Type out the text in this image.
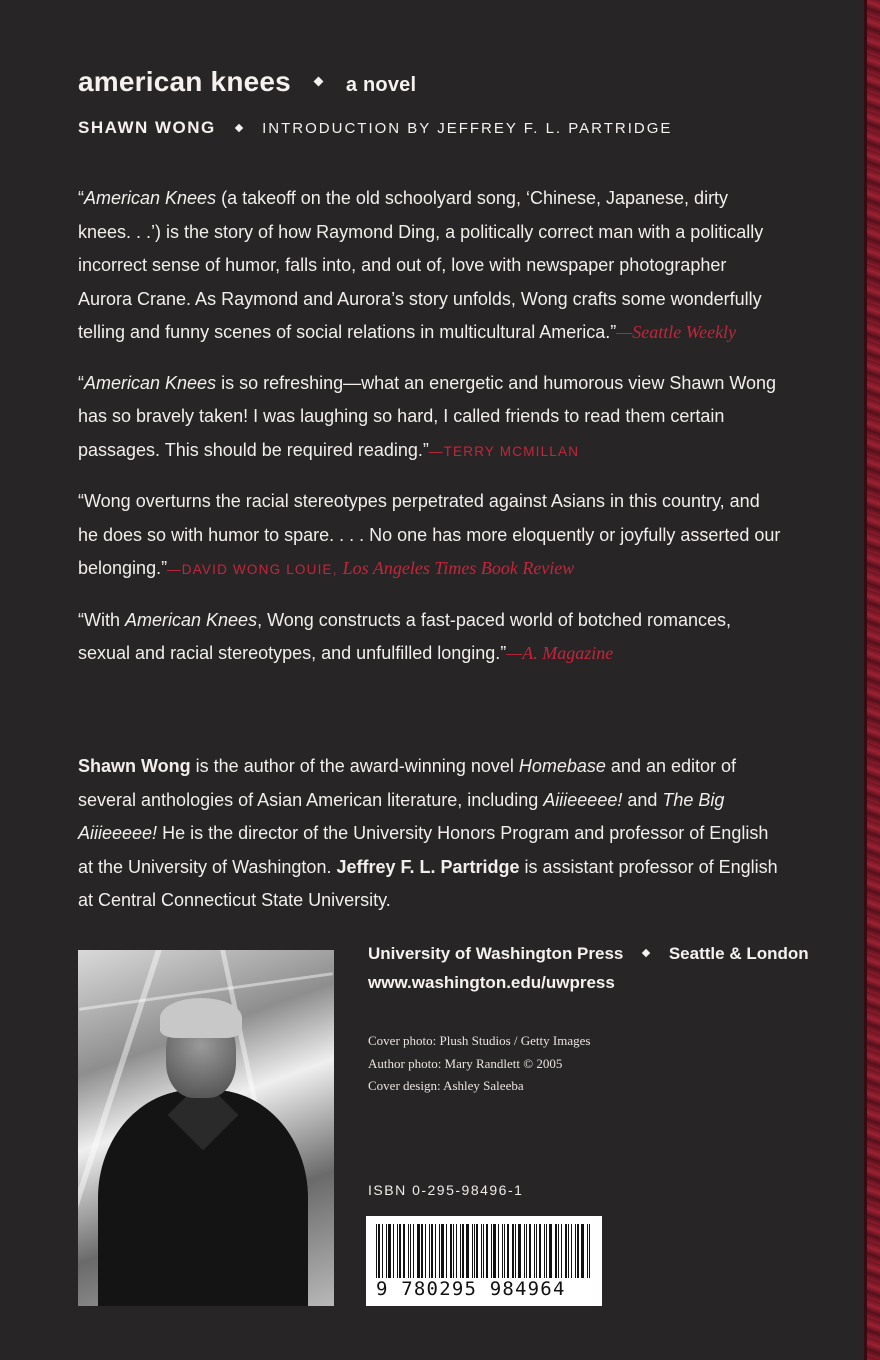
american knees	a novel
SHAWN WONG	INTRODUCTION BY JEFFREY F. L. PARTRIDGE

“American Knees (a takeoff on the old schoolyard song, ‘Chinese, Japanese, dirty knees. . .’) is the story of how Raymond Ding, a politically correct man with a politically incorrect sense of humor, falls into, and out of, love with newspaper photographer Aurora Crane. As Raymond and Aurora’s story unfolds, Wong crafts some wonderfully telling and funny scenes of social relations in multicultural America.”—Seattle Weekly

“American Knees is so refreshing—what an energetic and humorous view Shawn Wong has so bravely taken! I was laughing so hard, I called friends to read them certain passages. This should be required reading.”—TERRY MCMILLAN

“Wong overturns the racial stereotypes perpetrated against Asians in this country, and he does so with humor to spare. . . . No one has more eloquently or joyfully asserted our belonging.”—DAVID WONG LOUIE, Los Angeles Times Book Review

“With American Knees, Wong constructs a fast-paced world of botched romances, sexual and racial stereotypes, and unfulfilled longing.”—A. Magazine

Shawn Wong is the author of the award-winning novel Homebase and an editor of several anthologies of Asian American literature, including Aiiieeeee! and The Big Aiiieeeee! He is the director of the University Honors Program and professor of English at the University of Washington. Jeffrey F. L. Partridge is assistant professor of English at Central Connecticut State University.

University of Washington Press	Seattle & London
www.washington.edu/uwpress
Cover photo: Plush Studios / Getty Images
Author photo: Mary Randlett © 2005
Cover design: Ashley Saleeba
ISBN 0-295-98496-1
9 780295 984964
